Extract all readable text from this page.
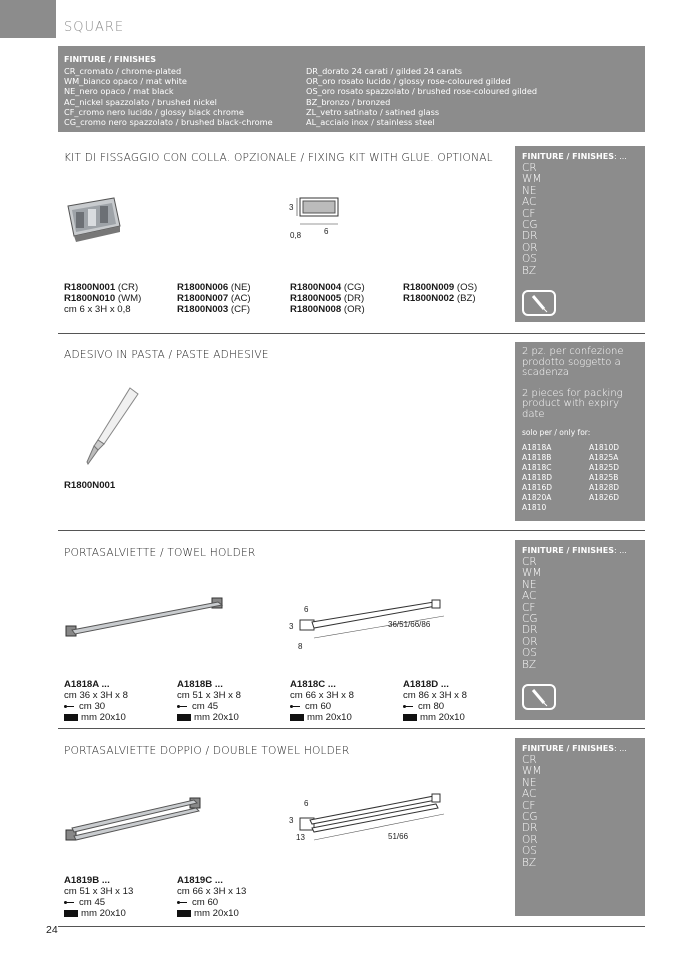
SQUARE
FINITURE / FINISHES
CR_cromato / chrome-plated
WM_bianco opaco / mat white
NE_nero opaco / mat black
AC_nickel spazzolato / brushed nickel
CF_cromo nero lucido / glossy black chrome
CG_cromo nero spazzolato / brushed black-chrome
DR_dorato 24 carati / gilded 24 carats
OR_oro rosato lucido / glossy rose-coloured gilded
OS_oro rosato spazzolato / brushed rose-coloured gilded
BZ_bronzo / bronzed
ZL_vetro satinato / satined glass
AL_acciaio inox / stainless steel
KIT DI FISSAGGIO CON COLLA. OPZIONALE / FIXING KIT WITH GLUE. OPTIONAL
3
6
0,8
R1800N001 (CR)
R1800N010 (WM)
cm 6 x 3H x 0,8
R1800N006 (NE)
R1800N007 (AC)
R1800N003 (CF)
R1800N004 (CG)
R1800N005 (DR)
R1800N008 (OR)
R1800N009 (OS)
R1800N002 (BZ)
FINITURE / FINISHES: ...
CR
WM
NE
AC
CF
CG
DR
OR
OS
BZ
ADESIVO IN PASTA / PASTE ADHESIVE
R1800N001
2 pz. per confezione prodotto soggetto a scadenza
2 pieces for packing product with expiry date
solo per / only for:
A1818A
A1818B
A1818C
A1818D
A1816D
A1820A
A1810
A1810D
A1825A
A1825D
A1825B
A1828D
A1826D
PORTASALVIETTE / TOWEL HOLDER
6
3
8
36/51/66/86
A1818A ...
cm 36 x 3H x 8
cm 30
mm 20x10
A1818B ...
cm 51 x 3H x 8
cm 45
mm 20x10
A1818C ...
cm 66 x 3H x 8
cm 60
mm 20x10
A1818D ...
cm 86 x 3H x 8
cm 80
mm 20x10
FINITURE / FINISHES: ...
CR
WM
NE
AC
CF
CG
DR
OR
OS
BZ
PORTASALVIETTE DOPPIO / DOUBLE TOWEL HOLDER
6
3
13	51/66
A1819B ...
cm 51 x 3H x 13
cm 45
mm 20x10
A1819C ...
cm 66 x 3H x 13
cm 60
mm 20x10
FINITURE / FINISHES: ...
CR
WM
NE
AC
CF
CG
DR
OR
OS
BZ
24
